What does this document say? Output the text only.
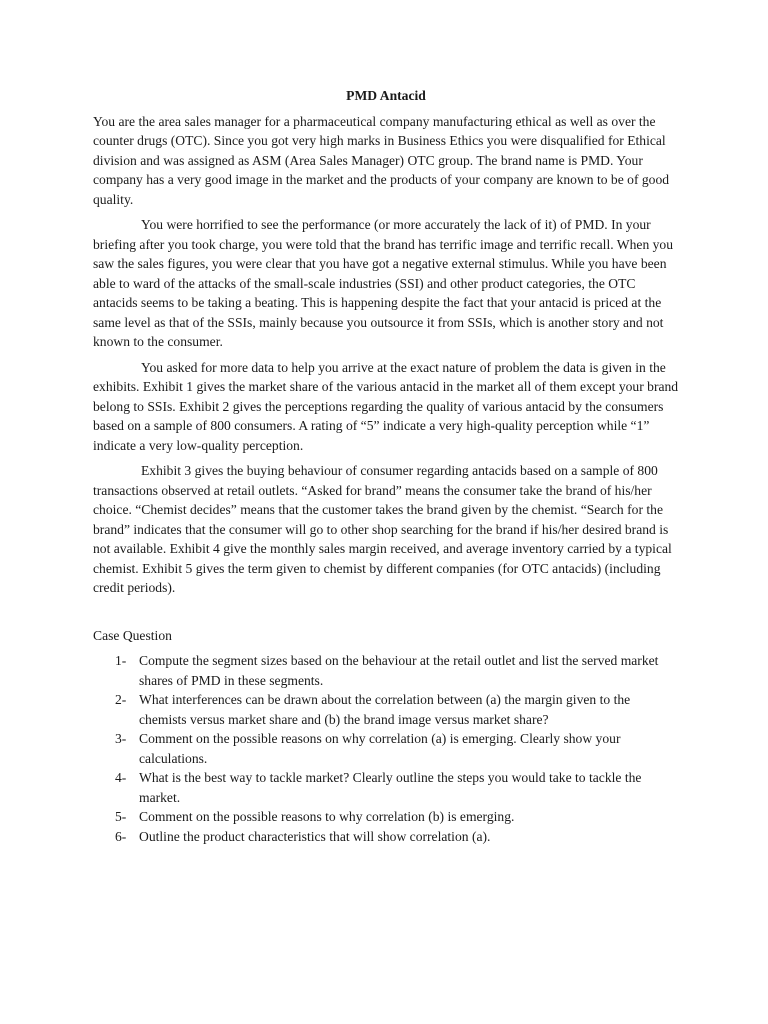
PMD Antacid

You are the area sales manager for a pharmaceutical company manufacturing ethical as well as over the counter drugs (OTC). Since you got very high marks in Business Ethics you were disqualified for Ethical division and was assigned as ASM (Area Sales Manager) OTC group. The brand name is PMD. Your company has a very good image in the market and the products of your company are known to be of good quality.

You were horrified to see the performance (or more accurately the lack of it) of PMD. In your briefing after you took charge, you were told that the brand has terrific image and terrific recall. When you saw the sales figures, you were clear that you have got a negative external stimulus. While you have been able to ward of the attacks of the small-scale industries (SSI) and other product categories, the OTC antacids seems to be taking a beating. This is happening despite the fact that your antacid is priced at the same level as that of the SSIs, mainly because you outsource it from SSIs, which is another story and not known to the consumer.

You asked for more data to help you arrive at the exact nature of problem the data is given in the exhibits. Exhibit 1 gives the market share of the various antacid in the market all of them except your brand belong to SSIs. Exhibit 2 gives the perceptions regarding the quality of various antacid by the consumers based on a sample of 800 consumers. A rating of “5” indicate a very high-quality perception while “1” indicate a very low-quality perception.

Exhibit 3 gives the buying behaviour of consumer regarding antacids based on a sample of 800 transactions observed at retail outlets. “Asked for brand” means the consumer take the brand of his/her choice. “Chemist decides” means that the customer takes the brand given by the chemist. “Search for the brand” indicates that the consumer will go to other shop searching for the brand if his/her desired brand is not available. Exhibit 4 give the monthly sales margin received, and average inventory carried by a typical chemist. Exhibit 5 gives the term given to chemist by different companies (for OTC antacids) (including credit periods).

Case Question
1- Compute the segment sizes based on the behaviour at the retail outlet and list the served market shares of PMD in these segments.
2- What interferences can be drawn about the correlation between (a) the margin given to the chemists versus market share and (b) the brand image versus market share?
3- Comment on the possible reasons on why correlation (a) is emerging. Clearly show your calculations.
4- What is the best way to tackle market? Clearly outline the steps you would take to tackle the market.
5- Comment on the possible reasons to why correlation (b) is emerging.
6- Outline the product characteristics that will show correlation (a).
